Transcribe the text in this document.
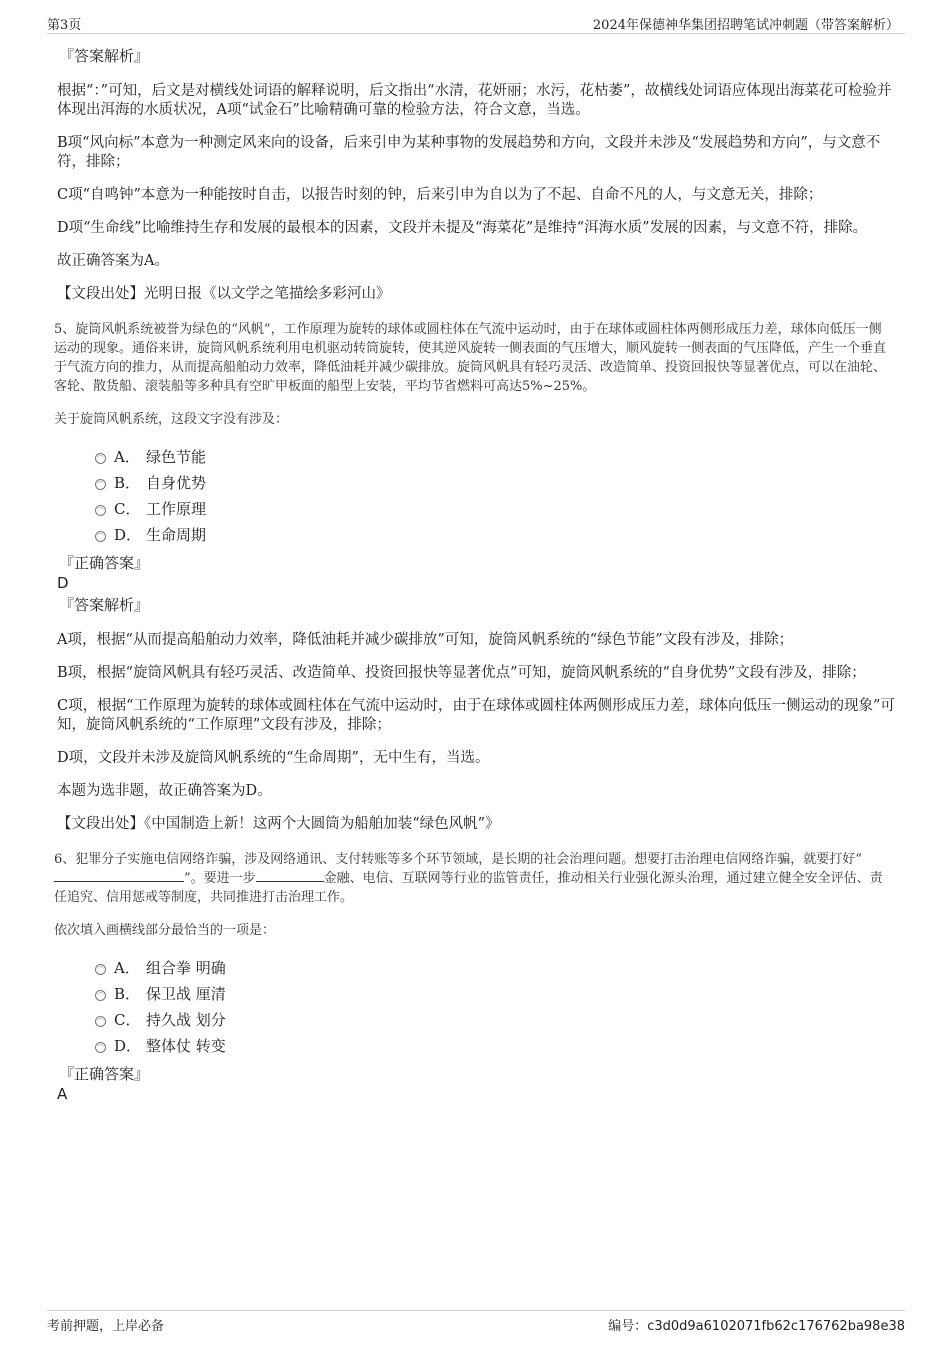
第3页	2024年保德神华集团招聘笔试冲刺题（带答案解析）
『答案解析』
根据“：”可知，后文是对横线处词语的解释说明，后文指出“水清，花妍丽；水污，花枯萎”，故横线处词语应体现出海菜花可检验并体现出洱海的水质状况，A项“试金石”比喻精确可靠的检验方法，符合文意，当选。
B项“风向标”本意为一种测定风来向的设备，后来引申为某种事物的发展趋势和方向，文段并未涉及“发展趋势和方向”，与文意不符，排除；
C项“自鸣钟”本意为一种能按时自击，以报告时刻的钟，后来引申为自以为了不起、自命不凡的人，与文意无关，排除；
D项“生命线”比喻维持生存和发展的最根本的因素，文段并未提及“海菜花”是维持“洱海水质”发展的因素，与文意不符，排除。
故正确答案为A。
【文段出处】光明日报《以文学之笔描绘多彩河山》
5、旋筒风帆系统被誉为绿色的“风帆”，工作原理为旋转的球体或圆柱体在气流中运动时，由于在球体或圆柱体两侧形成压力差，球体向低压一侧运动的现象。通俗来讲，旋筒风帆系统利用电机驱动转筒旋转，使其逆风旋转一侧表面的气压增大，顺风旋转一侧表面的气压降低，产生一个垂直于气流方向的推力，从而提高船舶动力效率，降低油耗并减少碳排放。旋筒风帆具有轻巧灵活、改造简单、投资回报快等显著优点，可以在油轮、客轮、散货船、滚装船等多种具有空旷甲板面的船型上安装，平均节省燃料可高达5%~25%。
关于旋筒风帆系统，这段文字没有涉及：
A． 绿色节能
B． 自身优势
C． 工作原理
D． 生命周期
『正确答案』
D
『答案解析』
A项，根据“从而提高船舶动力效率，降低油耗并减少碳排放”可知，旋筒风帆系统的“绿色节能”文段有涉及，排除；
B项，根据“旋筒风帆具有轻巧灵活、改造简单、投资回报快等显著优点”可知，旋筒风帆系统的“自身优势”文段有涉及，排除；
C项，根据“工作原理为旋转的球体或圆柱体在气流中运动时，由于在球体或圆柱体两侧形成压力差，球体向低压一侧运动的现象”可知，旋筒风帆系统的“工作原理”文段有涉及，排除；
D项，文段并未涉及旋筒风帆系统的“生命周期”，无中生有，当选。
本题为选非题，故正确答案为D。
【文段出处】《中国制造上新！这两个大圆筒为船舶加装“绿色风帆”》
6、犯罪分子实施电信网络诈骗，涉及网络通讯、支付转账等多个环节领域，是长期的社会治理问题。想要打击治理电信网络诈骗，就要打好“”。要进一步	金融、电信、互联网等行业的监管责任，推动相关行业强化源头治理，通过建立健全安全评估、责任追究、信用惩戒等制度，共同推进打击治理工作。
依次填入画横线部分最恰当的一项是：
A． 组合拳 明确
B． 保卫战 厘清
C． 持久战 划分
D． 整体仗 转变
『正确答案』
A
考前押题，上岸必备	编号：c3d0d9a6102071fb62c176762ba98e38
